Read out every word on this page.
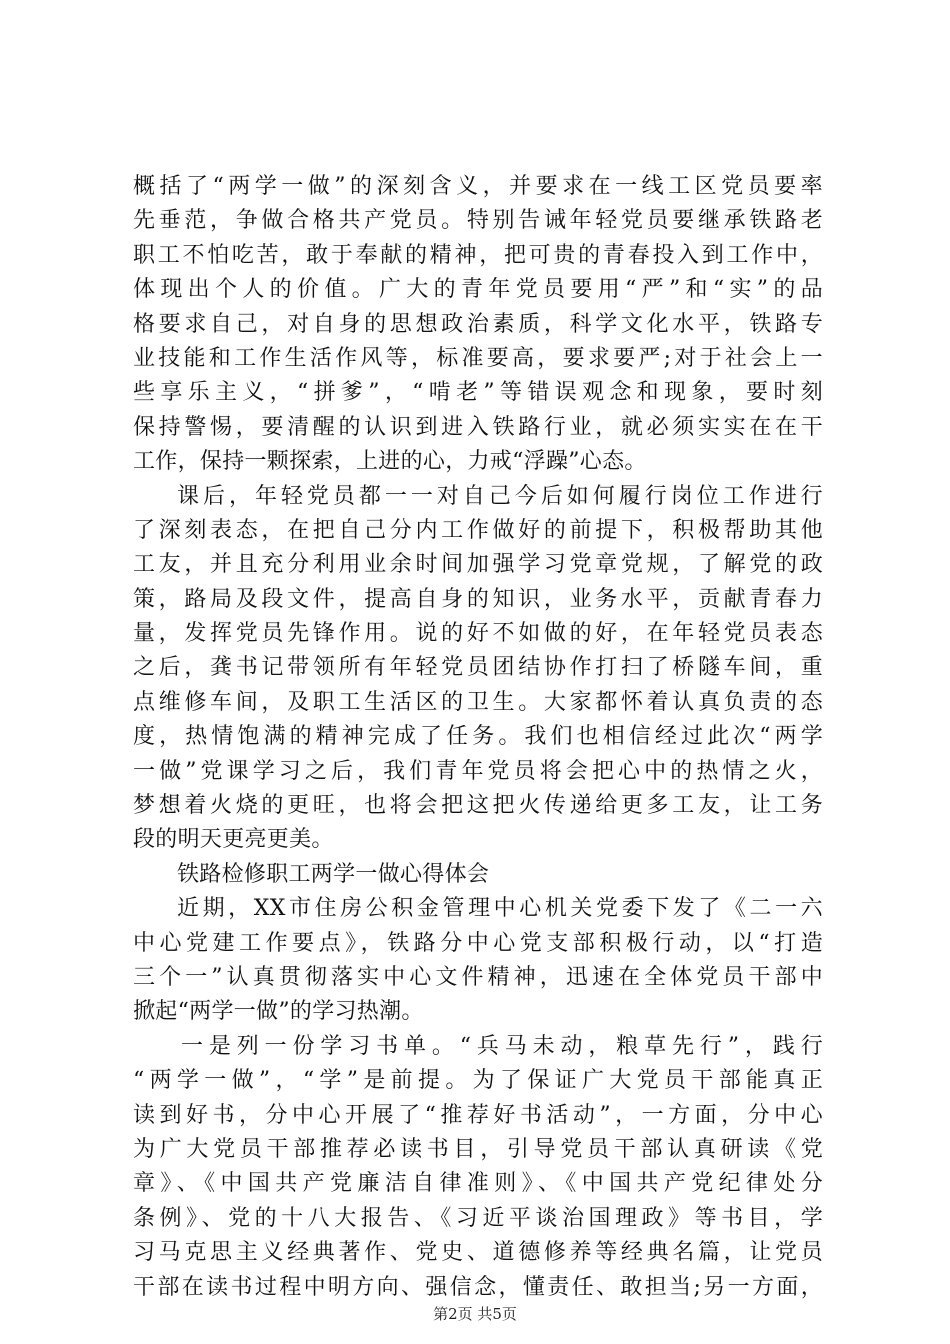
概括了“两学一做”的深刻含义，并要求在一线工区党员要率
先垂范，争做合格共产党员。特别告诫年轻党员要继承铁路老
职工不怕吃苦，敢于奉献的精神，把可贵的青春投入到工作中，
体现出个人的价值。广大的青年党员要用“严”和“实”的品
格要求自己，对自身的思想政治素质，科学文化水平，铁路专
业技能和工作生活作风等，标准要高，要求要严;对于社会上一
些享乐主义，“拼爹”，“啃老”等错误观念和现象，要时刻
保持警惕，要清醒的认识到进入铁路行业，就必须实实在在干
工作，保持一颗探索，上进的心，力戒“浮躁”心态。
课后，年轻党员都一一对自己今后如何履行岗位工作进行
了深刻表态，在把自己分内工作做好的前提下，积极帮助其他
工友，并且充分利用业余时间加强学习党章党规，了解党的政
策，路局及段文件，提高自身的知识，业务水平，贡献青春力
量，发挥党员先锋作用。说的好不如做的好，在年轻党员表态
之后，龚书记带领所有年轻党员团结协作打扫了桥隧车间，重
点维修车间，及职工生活区的卫生。大家都怀着认真负责的态
度，热情饱满的精神完成了任务。我们也相信经过此次“两学
一做”党课学习之后，我们青年党员将会把心中的热情之火，
梦想着火烧的更旺，也将会把这把火传递给更多工友，让工务
段的明天更亮更美。
铁路检修职工两学一做心得体会
近期，XX市住房公积金管理中心机关党委下发了《二一六
中心党建工作要点》，铁路分中心党支部积极行动，以“打造
三个一”认真贯彻落实中心文件精神，迅速在全体党员干部中
掀起“两学一做”的学习热潮。
一是列一份学习书单。“兵马未动，粮草先行”，践行
“两学一做”，“学”是前提。为了保证广大党员干部能真正
读到好书，分中心开展了“推荐好书活动”，一方面，分中心
为广大党员干部推荐必读书目，引导党员干部认真研读《党
章》、《中国共产党廉洁自律准则》、《中国共产党纪律处分
条例》、党的十八大报告、《习近平谈治国理政》等书目，学
习马克思主义经典著作、党史、道德修养等经典名篇，让党员
干部在读书过程中明方向、强信念，懂责任、敢担当;另一方面，
第2页 共5页
